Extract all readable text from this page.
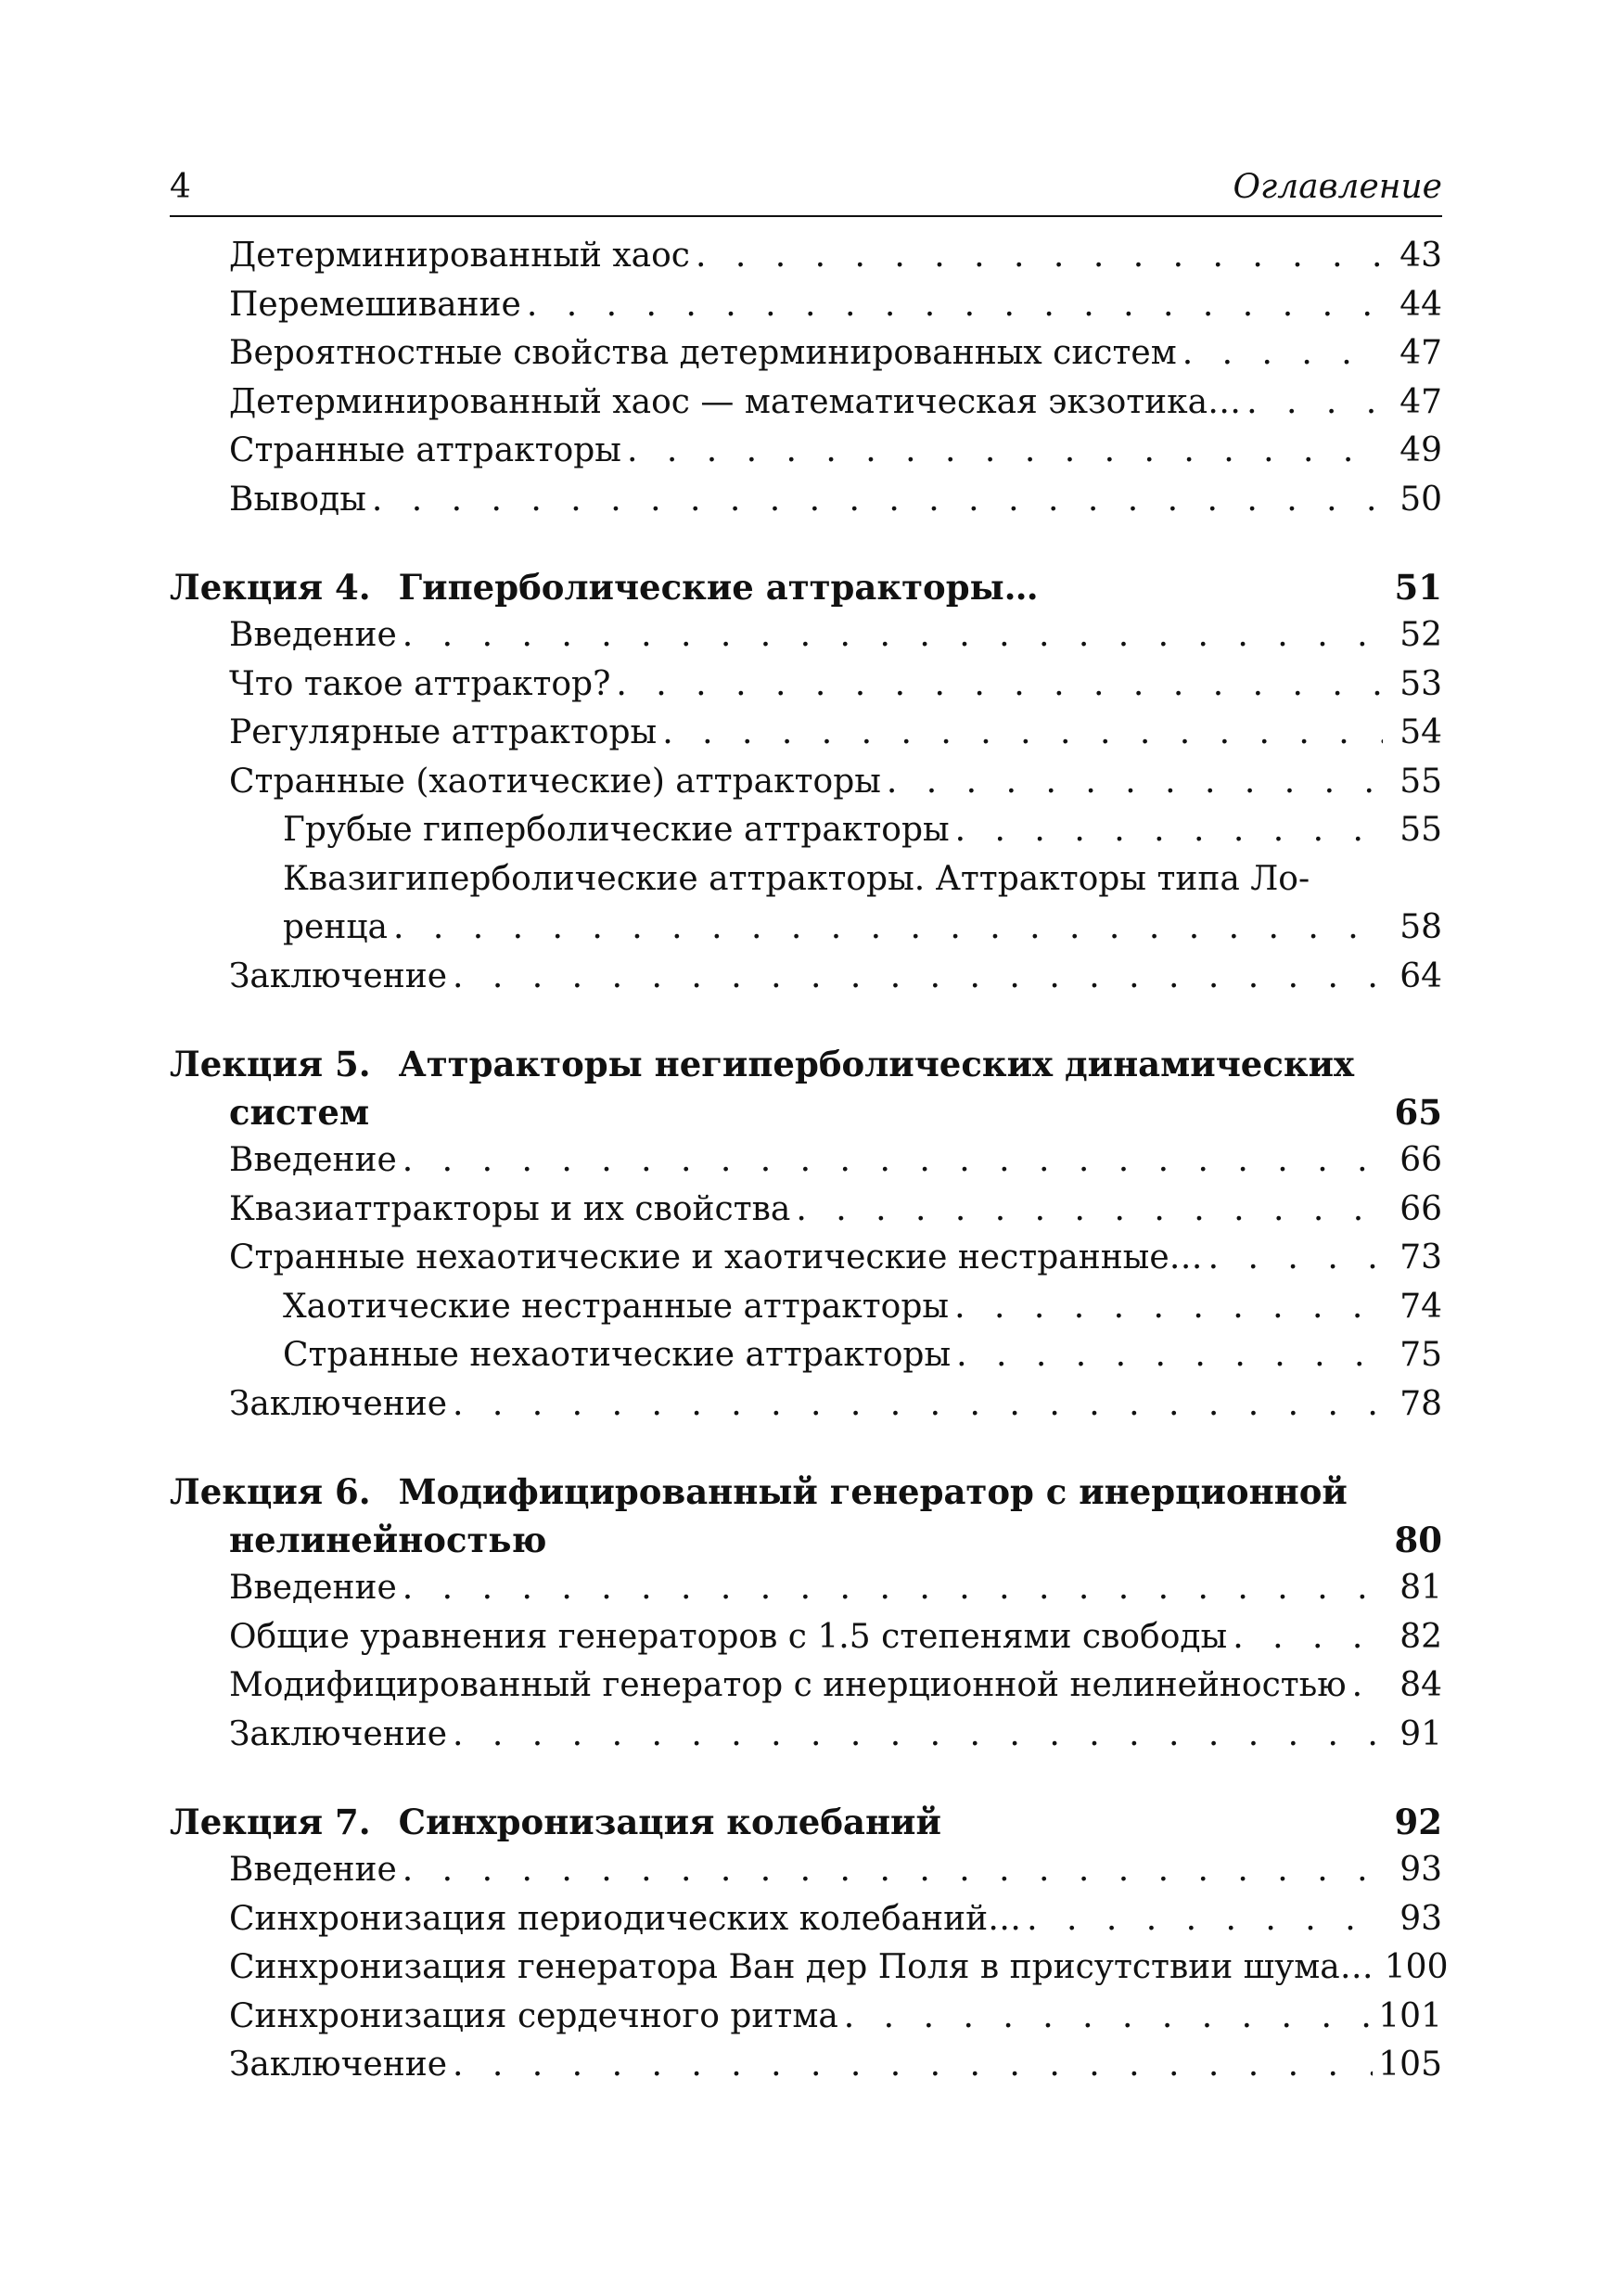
4	Оглавление
Детерминированный хаос . . .	43
Перемешивание . . .	44
Вероятностные свойства детерминированных систем . . .	47
Детерминированный хаос — математическая экзотика… . . .	47
Странные аттракторы . . .	49
Выводы . . .	50
Лекция 4. Гиперболические аттракторы…	51
Введение . . .	52
Что такое аттрактор? . . .	53
Регулярные аттракторы . . .	54
Странные (хаотические) аттракторы . . .	55
Грубые гиперболические аттракторы . . .	55
Квазигиперболические аттракторы. Аттракторы типа Ло-
ренца . . .	58
Заключение . . .	64
Лекция 5. Аттракторы негиперболических динамических
систем	65
Введение . . .	66
Квазиаттракторы и их свойства . . .	66
Странные нехаотические и хаотические нестранные… . . .	73
Хаотические нестранные аттракторы . . .	74
Странные нехаотические аттракторы . . .	75
Заключение . . .	78
Лекция 6. Модифицированный генератор с инерционной
нелинейностью	80
Введение . . .	81
Общие уравнения генераторов с 1.5 степенями свободы . . .	82
Модифицированный генератор с инерционной нелинейностью . . .	84
Заключение . . .	91
Лекция 7. Синхронизация колебаний	92
Введение . . .	93
Синхронизация периодических колебаний… . . .	93
Синхронизация генератора Ван дер Поля в присутствии шума… 100
Синхронизация сердечного ритма . . .	101
Заключение . . .	105
